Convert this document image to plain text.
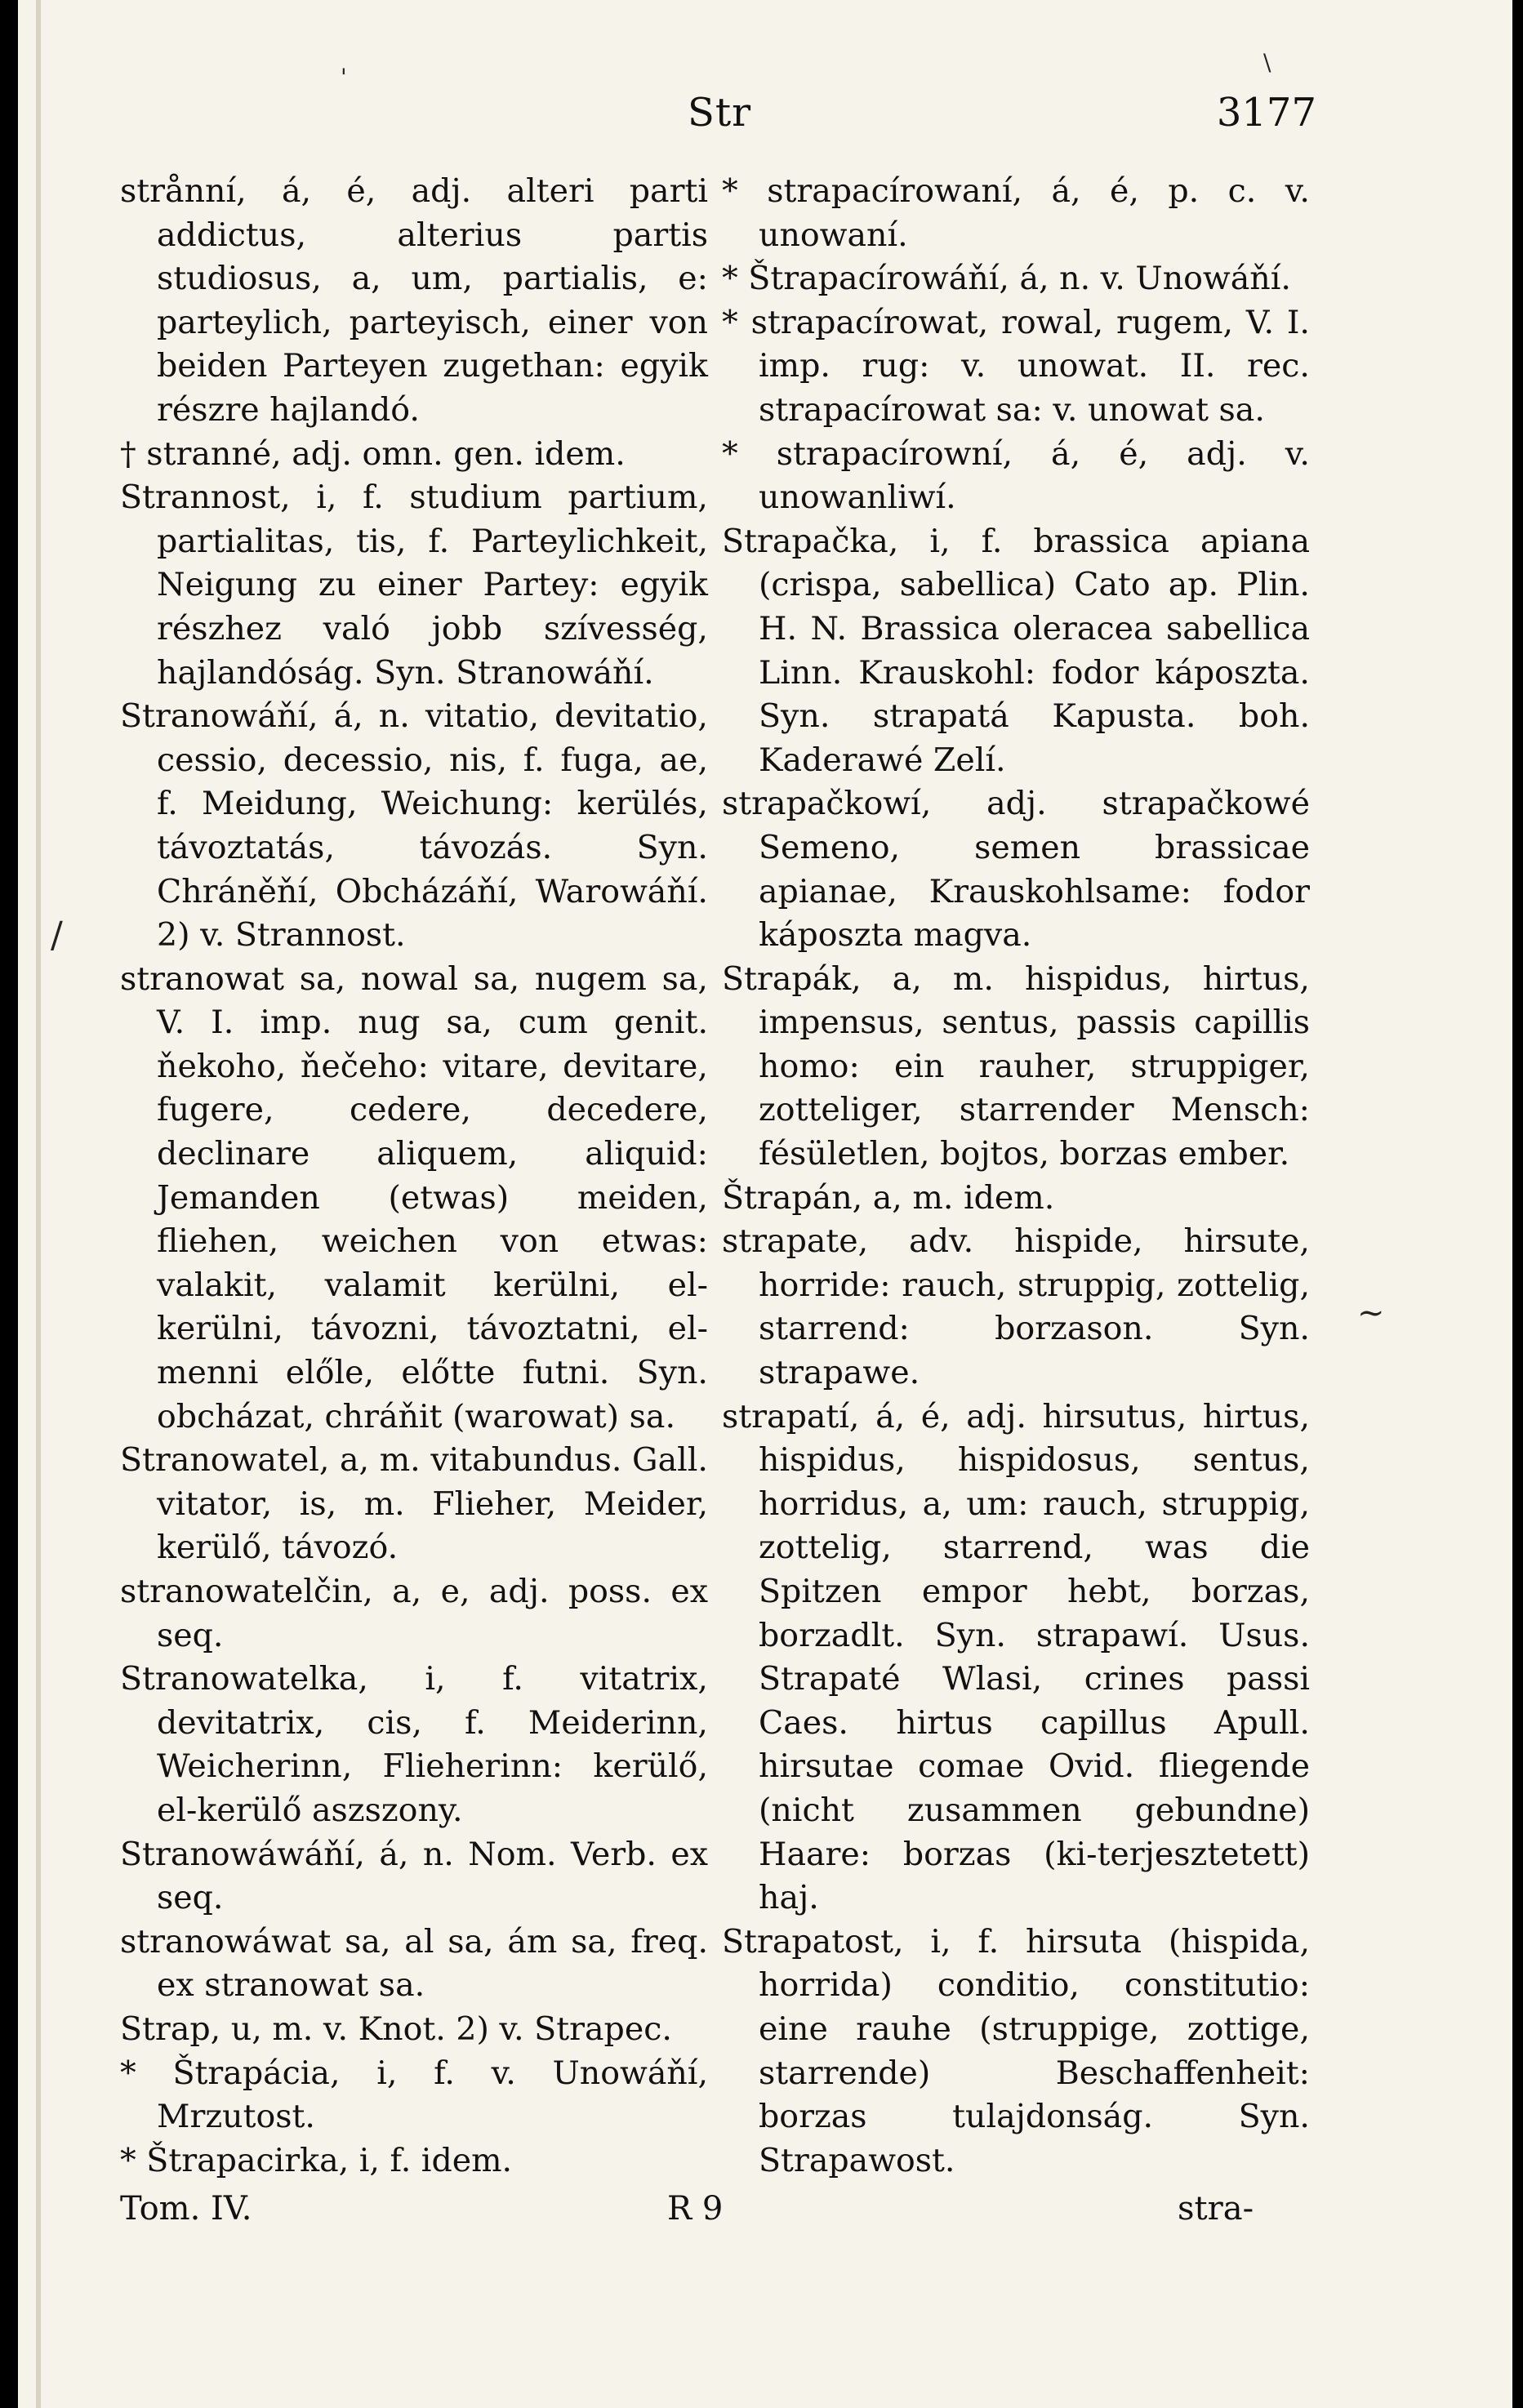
'
\
/
~
Str	3177

strånní, á, é, adj. alteri parti addictus, alterius partis studiosus, a, um, partialis, e: parteylich, parteyisch, einer von beiden Parteyen zugethan: egyik részre hajlandó.

† stranné, adj. omn. gen. idem.

Strannost, i, f. studium partium, partialitas, tis, f. Parteylichkeit, Neigung zu einer Partey: egyik részhez való jobb szívesség, hajlandóság. Syn. Stranowáňí.

Stranowáňí, á, n. vitatio, devitatio, cessio, decessio, nis, f. fuga, ae, f. Meidung, Weichung: kerülés, távoztatás, távozás. Syn. Chráněňí, Obcházáňí, Warowáňí. 2) v. Strannost.

stranowat sa, nowal sa, nugem sa, V. I. imp. nug sa, cum genit. ňekoho, ňečeho: vitare, devitare, fugere, cedere, decedere, declinare aliquem, aliquid: Jemanden (etwas) meiden, fliehen, weichen von etwas: valakit, valamit kerülni, el-kerülni, távozni, távoztatni, el-menni előle, előtte futni. Syn. obcházat, chráňit (warowat) sa.

Stranowatel, a, m. vitabundus. Gall. vitator, is, m. Flieher, Meider, kerülő, távozó.

stranowatelčin, a, e, adj. poss. ex seq.

Stranowatelka, i, f. vitatrix, devitatrix, cis, f. Meiderinn, Weicherinn, Flieherinn: kerülő, el-kerülő aszszony.

Stranowáwáňí, á, n. Nom. Verb. ex seq.

stranowáwat sa, al sa, ám sa, freq. ex stranowat sa.

Strap, u, m. v. Knot. 2) v. Strapec.

* Štrapácia, i, f. v. Unowáňí, Mrzutost.

* Štrapacirka, i, f. idem.

* strapacírowaní, á, é, p. c. v. unowaní.

* Štrapacírowáňí, á, n. v. Unowáňí.

* strapacírowat, rowal, rugem, V. I. imp. rug: v. unowat. II. rec. strapacírowat sa: v. unowat sa.

* strapacírowní, á, é, adj. v. unowanliwí.

Strapačka, i, f. brassica apiana (crispa, sabellica) Cato ap. Plin. H. N. Brassica oleracea sabellica Linn. Krauskohl: fodor káposzta. Syn. strapatá Kapusta. boh. Kaderawé Zelí.

strapačkowí, adj. strapačkowé Semeno, semen brassicae apianae, Krauskohlsame: fodor káposzta magva.

Strapák, a, m. hispidus, hirtus, impensus, sentus, passis capillis homo: ein rauher, struppiger, zotteliger, starrender Mensch: fésületlen, bojtos, borzas ember.

Štrapán, a, m. idem.

strapate, adv. hispide, hirsute, horride: rauch, struppig, zottelig, starrend: borzason. Syn. strapawe.

strapatí, á, é, adj. hirsutus, hirtus, hispidus, hispidosus, sentus, horridus, a, um: rauch, struppig, zottelig, starrend, was die Spitzen empor hebt, borzas, borzadlt. Syn. strapawí. Usus. Strapaté Wlasi, crines passi Caes. hirtus capillus Apull. hirsutae comae Ovid. fliegende (nicht zusammen gebundne) Haare: borzas (ki-terjesztetett) haj.

Strapatost, i, f. hirsuta (hispida, horrida) conditio, constitutio: eine rauhe (struppige, zottige, starrende) Beschaffenheit: borzas tulajdonság. Syn. Strapawost.

Tom. IV.	R 9	stra-
